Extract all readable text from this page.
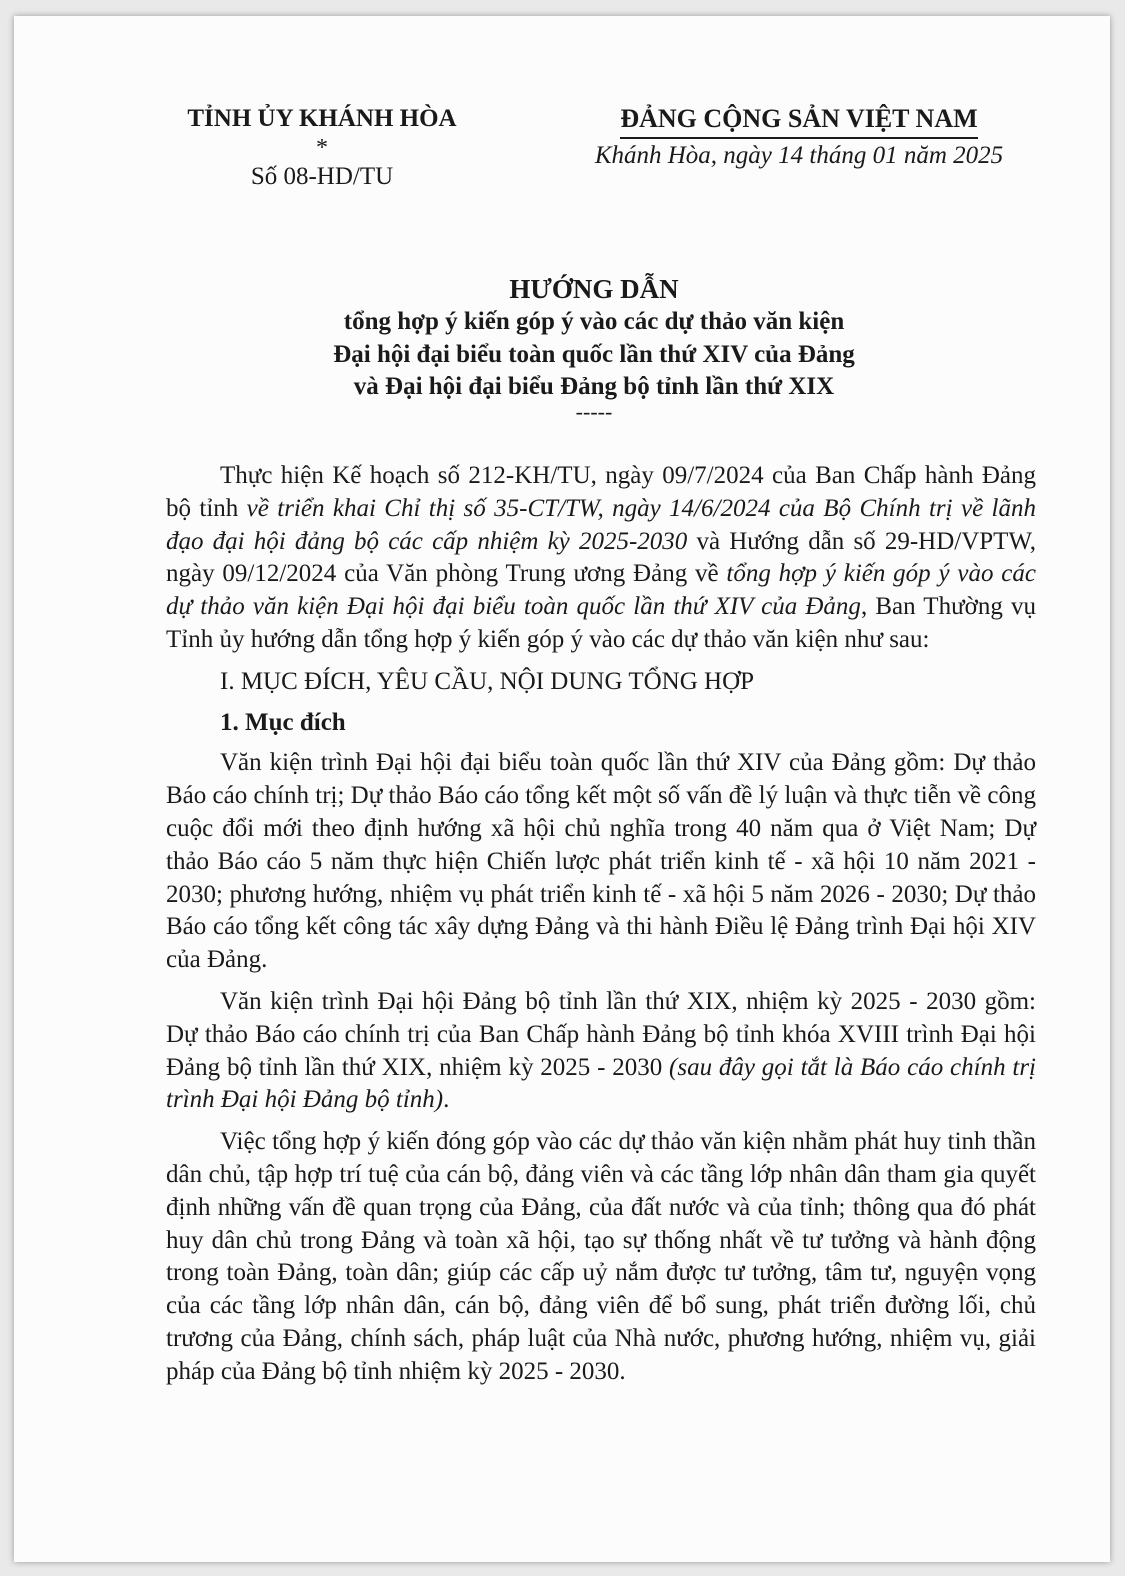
TỈNH ỦY KHÁNH HÒA
*
Số 08-HD/TU
ĐẢNG CỘNG SẢN VIỆT NAM
Khánh Hòa, ngày 14 tháng 01 năm 2025
HƯỚNG DẪN
tổng hợp ý kiến góp ý vào các dự thảo văn kiện
Đại hội đại biểu toàn quốc lần thứ XIV của Đảng
và Đại hội đại biểu Đảng bộ tỉnh lần thứ XIX
-----

Thực hiện Kế hoạch số 212-KH/TU, ngày 09/7/2024 của Ban Chấp hành Đảng bộ tỉnh về triển khai Chỉ thị số 35-CT/TW, ngày 14/6/2024 của Bộ Chính trị về lãnh đạo đại hội đảng bộ các cấp nhiệm kỳ 2025-2030 và Hướng dẫn số 29-HD/VPTW, ngày 09/12/2024 của Văn phòng Trung ương Đảng về tổng hợp ý kiến góp ý vào các dự thảo văn kiện Đại hội đại biểu toàn quốc lần thứ XIV của Đảng, Ban Thường vụ Tỉnh ủy hướng dẫn tổng hợp ý kiến góp ý vào các dự thảo văn kiện như sau:

I. MỤC ĐÍCH, YÊU CẦU, NỘI DUNG TỔNG HỢP

1. Mục đích

Văn kiện trình Đại hội đại biểu toàn quốc lần thứ XIV của Đảng gồm: Dự thảo Báo cáo chính trị; Dự thảo Báo cáo tổng kết một số vấn đề lý luận và thực tiễn về công cuộc đổi mới theo định hướng xã hội chủ nghĩa trong 40 năm qua ở Việt Nam; Dự thảo Báo cáo 5 năm thực hiện Chiến lược phát triển kinh tế - xã hội 10 năm 2021 - 2030; phương hướng, nhiệm vụ phát triển kinh tế - xã hội 5 năm 2026 - 2030; Dự thảo Báo cáo tổng kết công tác xây dựng Đảng và thi hành Điều lệ Đảng trình Đại hội XIV của Đảng.

Văn kiện trình Đại hội Đảng bộ tỉnh lần thứ XIX, nhiệm kỳ 2025 - 2030 gồm: Dự thảo Báo cáo chính trị của Ban Chấp hành Đảng bộ tỉnh khóa XVIII trình Đại hội Đảng bộ tỉnh lần thứ XIX, nhiệm kỳ 2025 - 2030 (sau đây gọi tắt là Báo cáo chính trị trình Đại hội Đảng bộ tỉnh).

Việc tổng hợp ý kiến đóng góp vào các dự thảo văn kiện nhằm phát huy tinh thần dân chủ, tập hợp trí tuệ của cán bộ, đảng viên và các tầng lớp nhân dân tham gia quyết định những vấn đề quan trọng của Đảng, của đất nước và của tỉnh; thông qua đó phát huy dân chủ trong Đảng và toàn xã hội, tạo sự thống nhất về tư tưởng và hành động trong toàn Đảng, toàn dân; giúp các cấp uỷ nắm được tư tưởng, tâm tư, nguyện vọng của các tầng lớp nhân dân, cán bộ, đảng viên để bổ sung, phát triển đường lối, chủ trương của Đảng, chính sách, pháp luật của Nhà nước, phương hướng, nhiệm vụ, giải pháp của Đảng bộ tỉnh nhiệm kỳ 2025 - 2030.
